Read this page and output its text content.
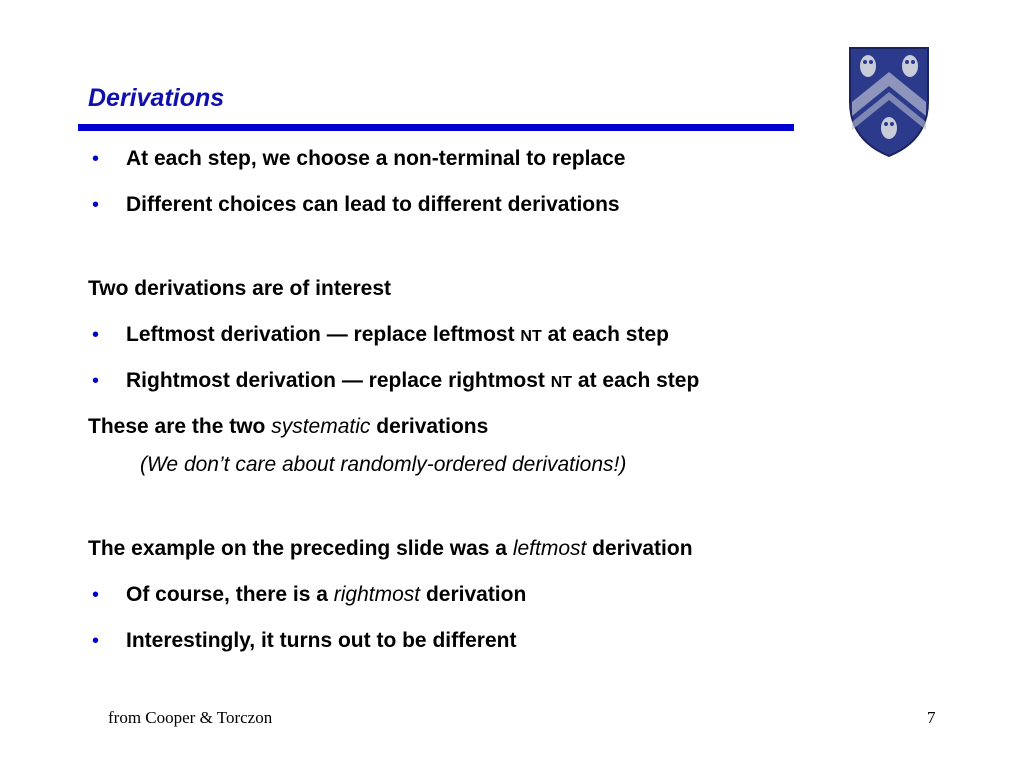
Derivations
• At each step, we choose a non-terminal to replace
• Different choices can lead to different derivations
Two derivations are of interest
• Leftmost derivation — replace leftmost NT at each step
• Rightmost derivation — replace rightmost NT at each step
These are the two systematic derivations
(We don’t care about randomly-ordered derivations!)
The example on the preceding slide was a leftmost derivation
• Of course, there is a rightmost derivation
• Interestingly, it turns out to be different
from Cooper & Torczon	7
